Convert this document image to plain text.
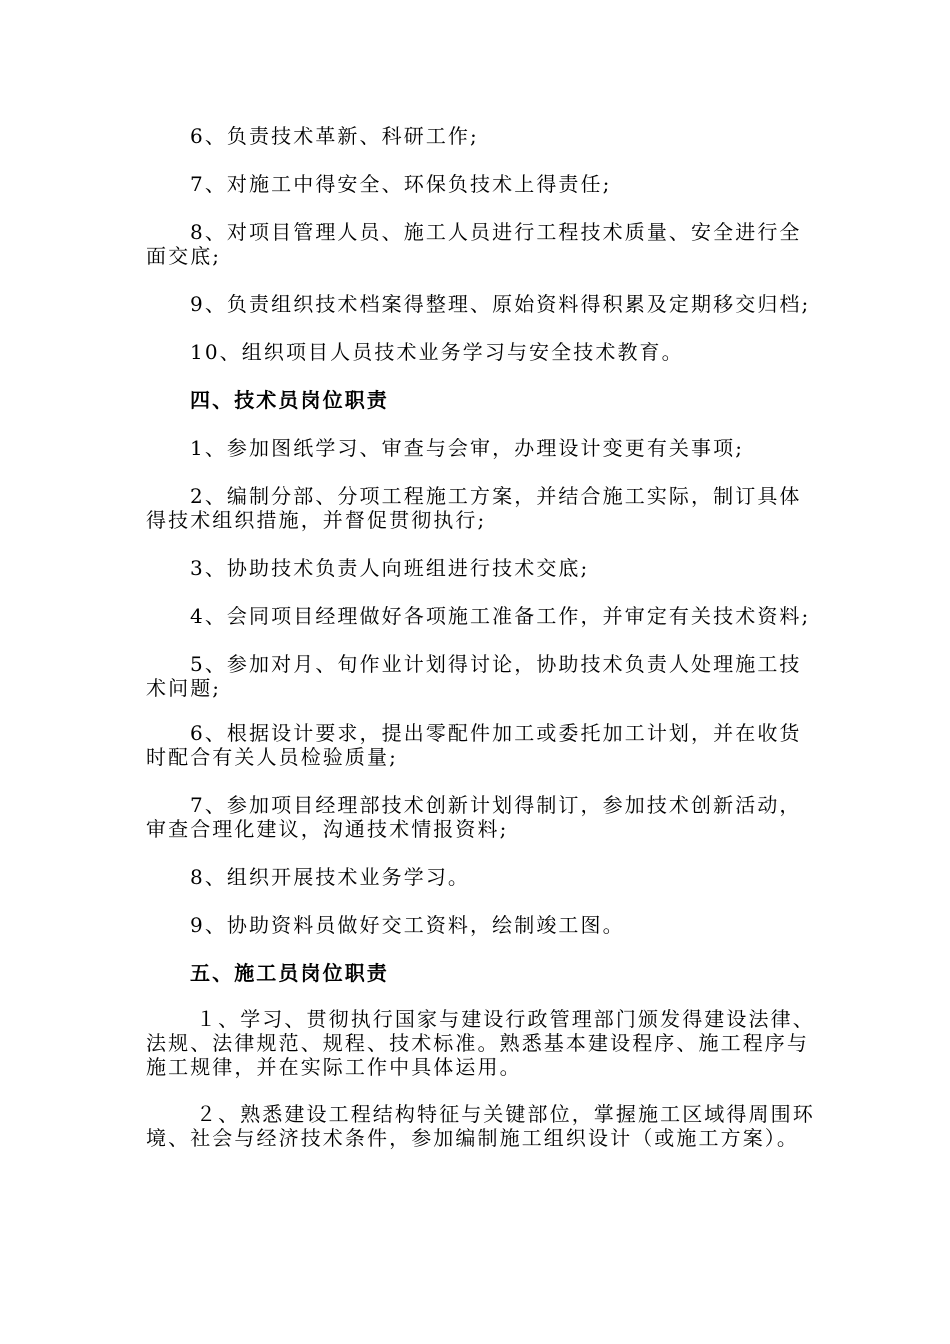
6、负责技术革新、科研工作;

7、对施工中得安全、环保负技术上得责任;

8、对项目管理人员、施工人员进行工程技术质量、安全进行全面交底;

9、负责组织技术档案得整理、原始资料得积累及定期移交归档;

10、组织项目人员技术业务学习与安全技术教育。

四、技术员岗位职责

1、参加图纸学习、审查与会审，办理设计变更有关事项;

2、编制分部、分项工程施工方案，并结合施工实际，制订具体得技术组织措施，并督促贯彻执行;

3、协助技术负责人向班组进行技术交底;

4、会同项目经理做好各项施工准备工作，并审定有关技术资料;

5、参加对月、旬作业计划得讨论，协助技术负责人处理施工技术问题;

6、根据设计要求，提出零配件加工或委托加工计划，并在收货时配合有关人员检验质量;

7、参加项目经理部技术创新计划得制订，参加技术创新活动，审查合理化建议，沟通技术情报资料;

8、组织开展技术业务学习。

9、协助资料员做好交工资料，绘制竣工图。

五、施工员岗位职责

１、学习、贯彻执行国家与建设行政管理部门颁发得建设法律、法规、法律规范、规程、技术标准。熟悉基本建设程序、施工程序与施工规律，并在实际工作中具体运用。

２、熟悉建设工程结构特征与关键部位，掌握施工区域得周围环境、社会与经济技术条件，参加编制施工组织设计（或施工方案）。
